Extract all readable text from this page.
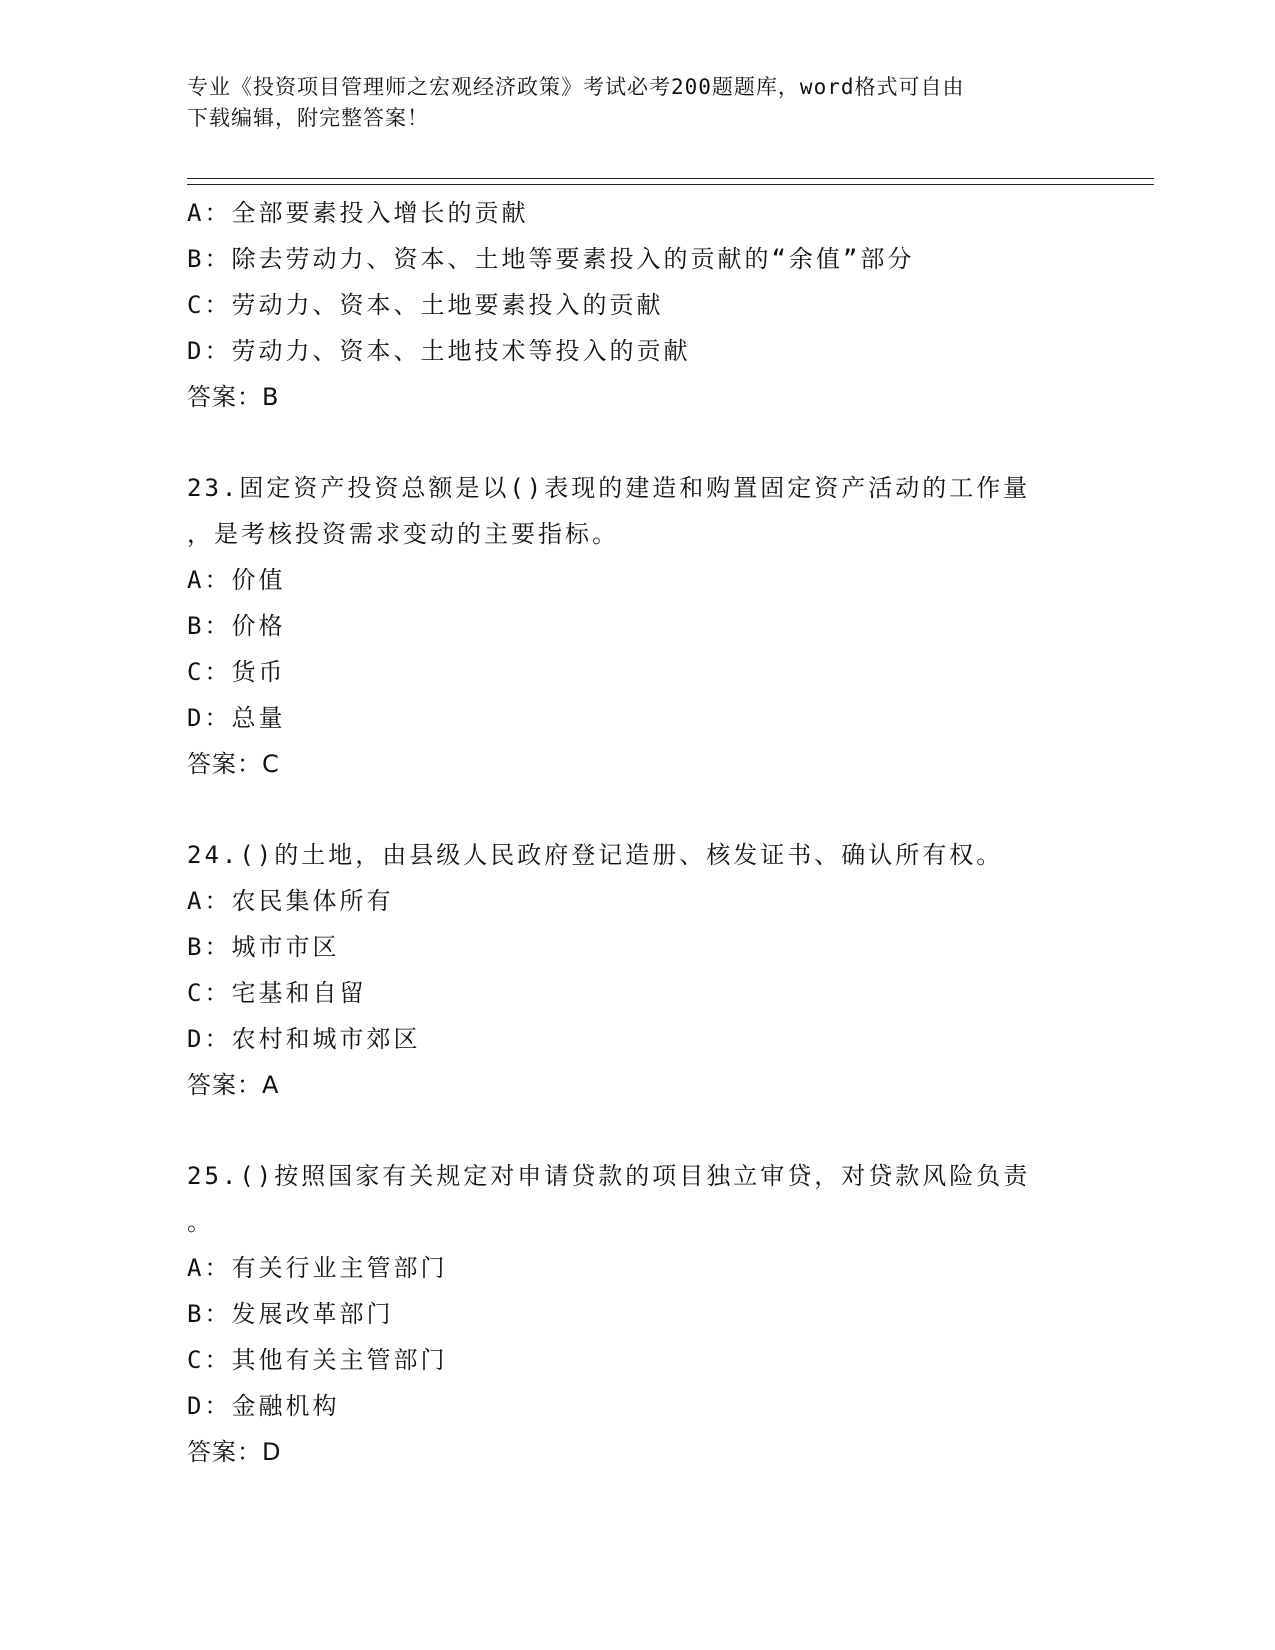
专业《投资项目管理师之宏观经济政策》考试必考200题题库，word格式可自由
下载编辑，附完整答案！
A：全部要素投入增长的贡献
B：除去劳动力、资本、土地等要素投入的贡献的“余值”部分
C：劳动力、资本、土地要素投入的贡献
D：劳动力、资本、土地技术等投入的贡献
答案：B
23.固定资产投资总额是以()表现的建造和购置固定资产活动的工作量
，是考核投资需求变动的主要指标。
A：价值
B：价格
C：货币
D：总量
答案：C
24.()的土地，由县级人民政府登记造册、核发证书、确认所有权。
A：农民集体所有
B：城市市区
C：宅基和自留
D：农村和城市郊区
答案：A
25.()按照国家有关规定对申请贷款的项目独立审贷，对贷款风险负责
。
A：有关行业主管部门
B：发展改革部门
C：其他有关主管部门
D：金融机构
答案：D
